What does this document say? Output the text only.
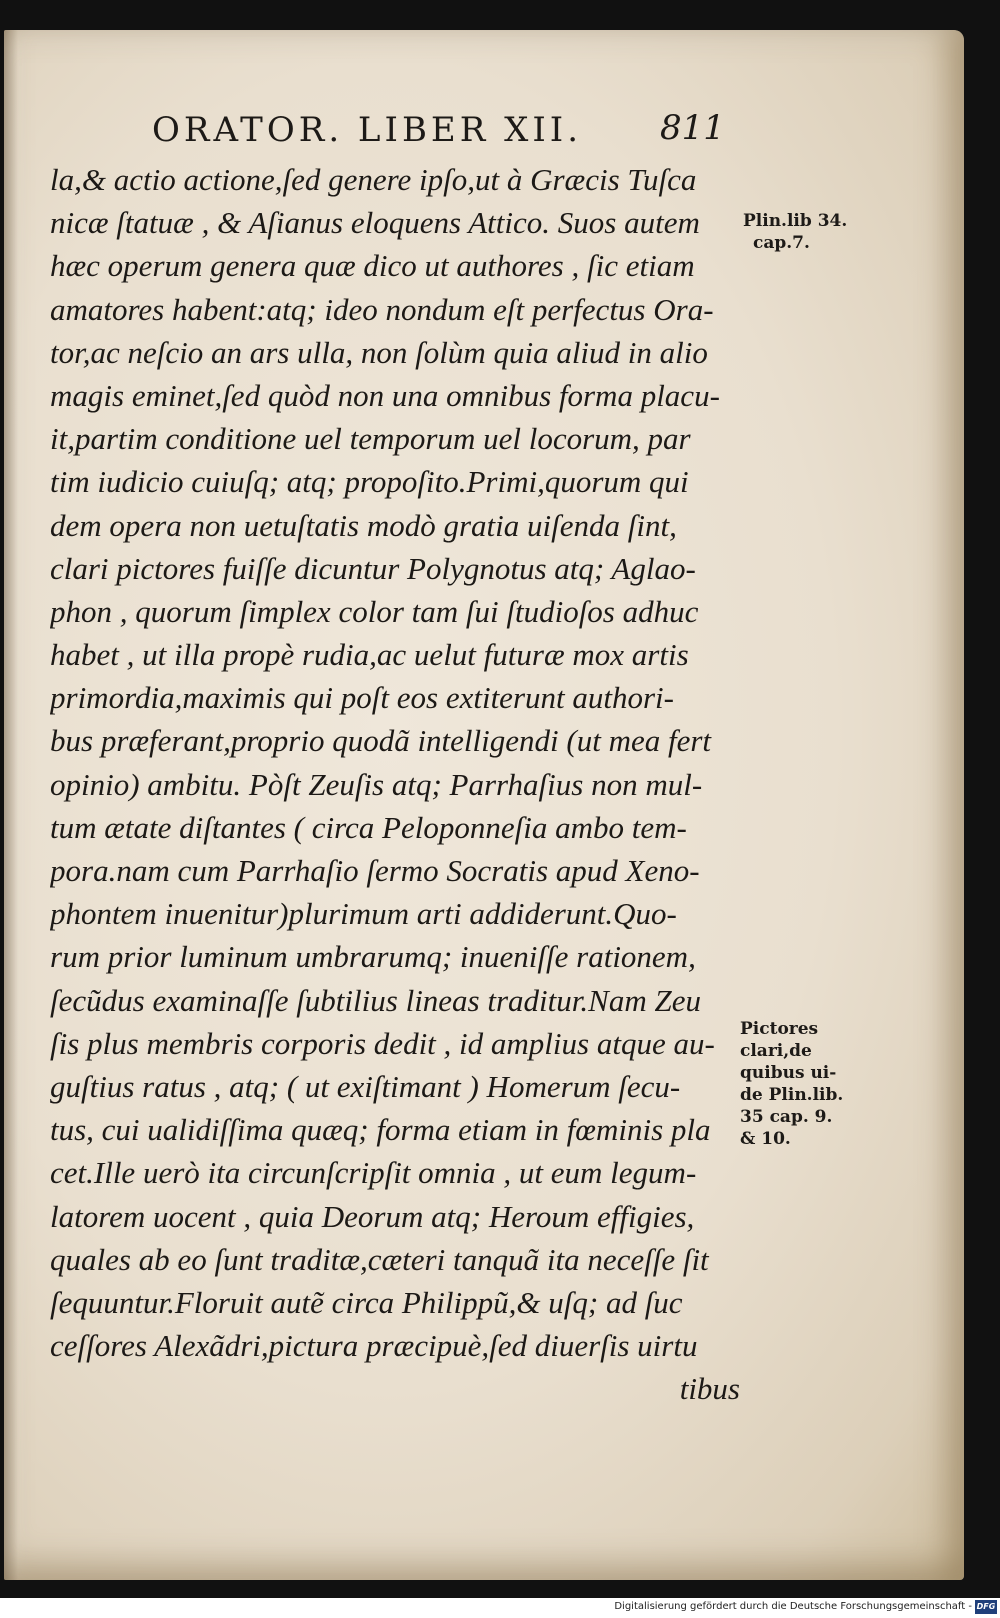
ORATOR. LIBER XII. 811
la,& actio actione,ſed genere ipſo,ut à Græcis Tuſca
nicæ ſtatuæ , & Aſianus eloquens Attico. Suos autem
hæc operum genera quæ dico ut authores , ſic etiam
amatores habent:atq; ideo nondum eſt perfectus Ora-
tor,ac neſcio an ars ulla, non ſolùm quia aliud in alio
magis eminet,ſed quòd non una omnibus forma placu-
it,partim conditione uel temporum uel locorum, par
tim iudicio cuiuſq; atq; propoſito.Primi,quorum qui
dem opera non uetuſtatis modò gratia uiſenda ſint,
clari pictores fuiſſe dicuntur Polygnotus atq; Aglao-
phon , quorum ſimplex color tam ſui ſtudioſos adhuc
habet , ut illa propè rudia,ac uelut futuræ mox artis
primordia,maximis qui poſt eos extiterunt authori-
bus præferant,proprio quodã intelligendi (ut mea fert
opinio) ambitu. Pòſt Zeuſis atq; Parrhaſius non mul-
tum ætate diſtantes ( circa Peloponneſia ambo tem-
pora.nam cum Parrhaſio ſermo Socratis apud Xeno-
phontem inuenitur)plurimum arti addiderunt.Quo-
rum prior luminum umbrarumq; inueniſſe rationem,
ſecũdus examinaſſe ſubtilius lineas traditur.Nam Zeu
ſis plus membris corporis dedit , id amplius atque au-
guſtius ratus , atq; ( ut exiſtimant ) Homerum ſecu-
tus, cui ualidiſſima quæq; forma etiam in fœminis pla
cet.Ille uerò ita circunſcripſit omnia , ut eum legum-
latorem uocent , quia Deorum atq; Heroum effigies,
quales ab eo ſunt traditæ,cæteri tanquã ita neceſſe ſit
ſequuntur.Floruit autẽ circa Philippũ,& uſq; ad ſuc
ceſſores Alexãdri,pictura præcipuè,ſed diuerſis uirtu
tibus
Plin.lib 34.
cap.7.
Pictores
clari,de
quibus ui-
de Plin.lib.
35 cap. 9.
& 10.
Digitalisierung gefördert durch die Deutsche Forschungsgemeinschaft - DFG
